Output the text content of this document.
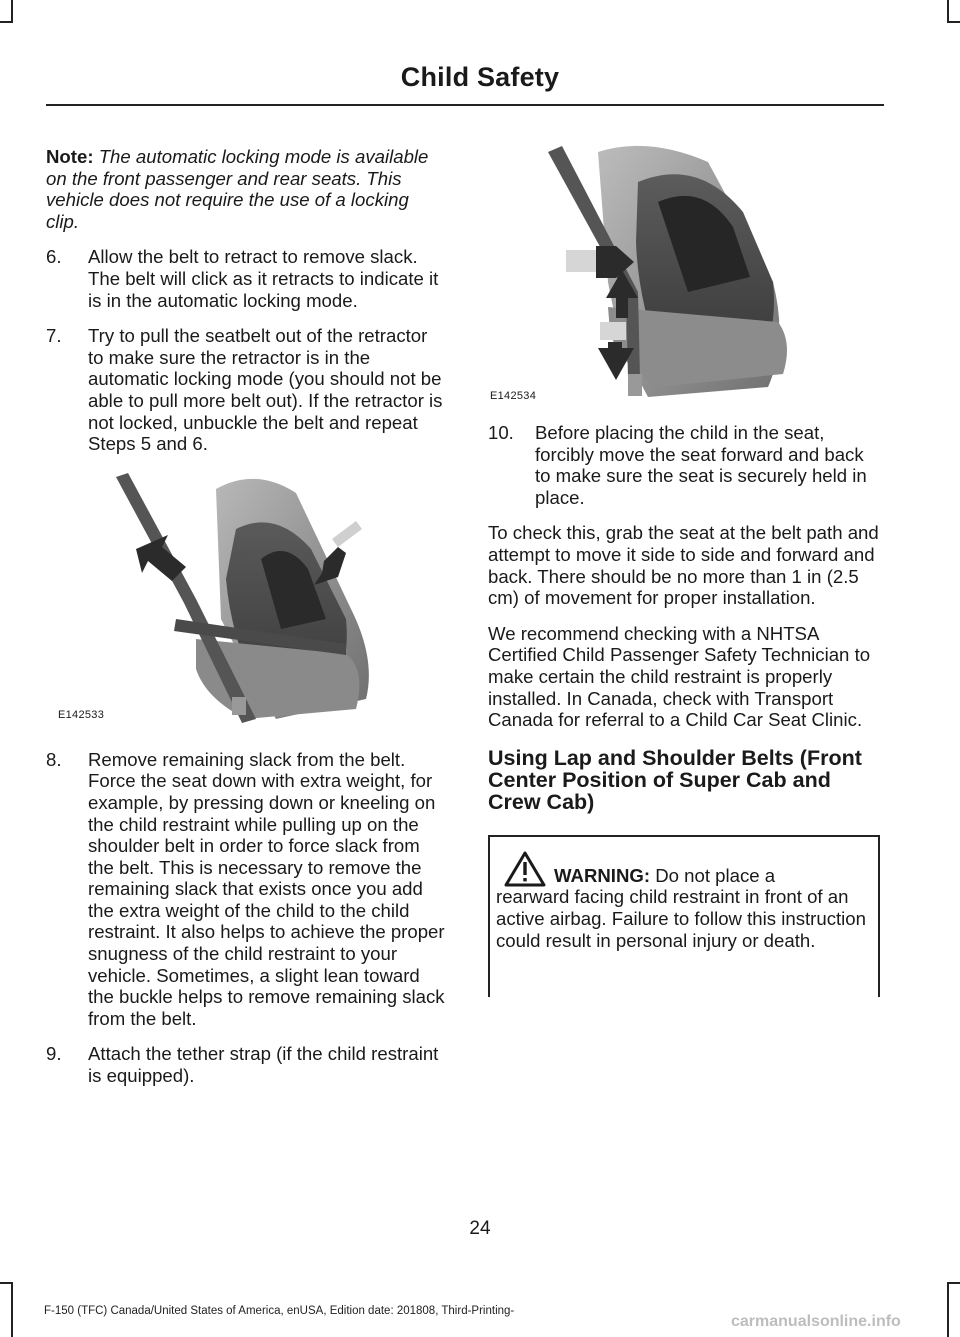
Child Safety

Note: The automatic locking mode is available on the front passenger and rear seats. This vehicle does not require the use of a locking clip.

6.	Allow the belt to retract to remove slack. The belt will click as it retracts to indicate it is in the automatic locking mode.
7.	Try to pull the seatbelt out of the retractor to make sure the retractor is in the automatic locking mode (you should not be able to pull more belt out). If the retractor is not locked, unbuckle the belt and repeat Steps 5 and 6.
E142533
8.	Remove remaining slack from the belt. Force the seat down with extra weight, for example, by pressing down or kneeling on the child restraint while pulling up on the shoulder belt in order to force slack from the belt. This is necessary to remove the remaining slack that exists once you add the extra weight of the child to the child restraint. It also helps to achieve the proper snugness of the child restraint to your vehicle. Sometimes, a slight lean toward the buckle helps to remove remaining slack from the belt.
9.	Attach the tether strap (if the child restraint is equipped).
E142534
10.	Before placing the child in the seat, forcibly move the seat forward and back to make sure the seat is securely held in place.

To check this, grab the seat at the belt path and attempt to move it side to side and forward and back. There should be no more than 1 in (2.5 cm) of movement for proper installation.

We recommend checking with a NHTSA Certified Child Passenger Safety Technician to make certain the child restraint is properly installed. In Canada, check with Transport Canada for referral to a Child Car Seat Clinic.

Using Lap and Shoulder Belts (Front Center Position of Super Cab and Crew Cab)
WARNING: Do not place a
rearward facing child restraint in front of an active airbag. Failure to follow this instruction could result in personal injury or death.
24
F-150 (TFC) Canada/United States of America, enUSA, Edition date: 201808, Third-Printing-
carmanualsonline.info
